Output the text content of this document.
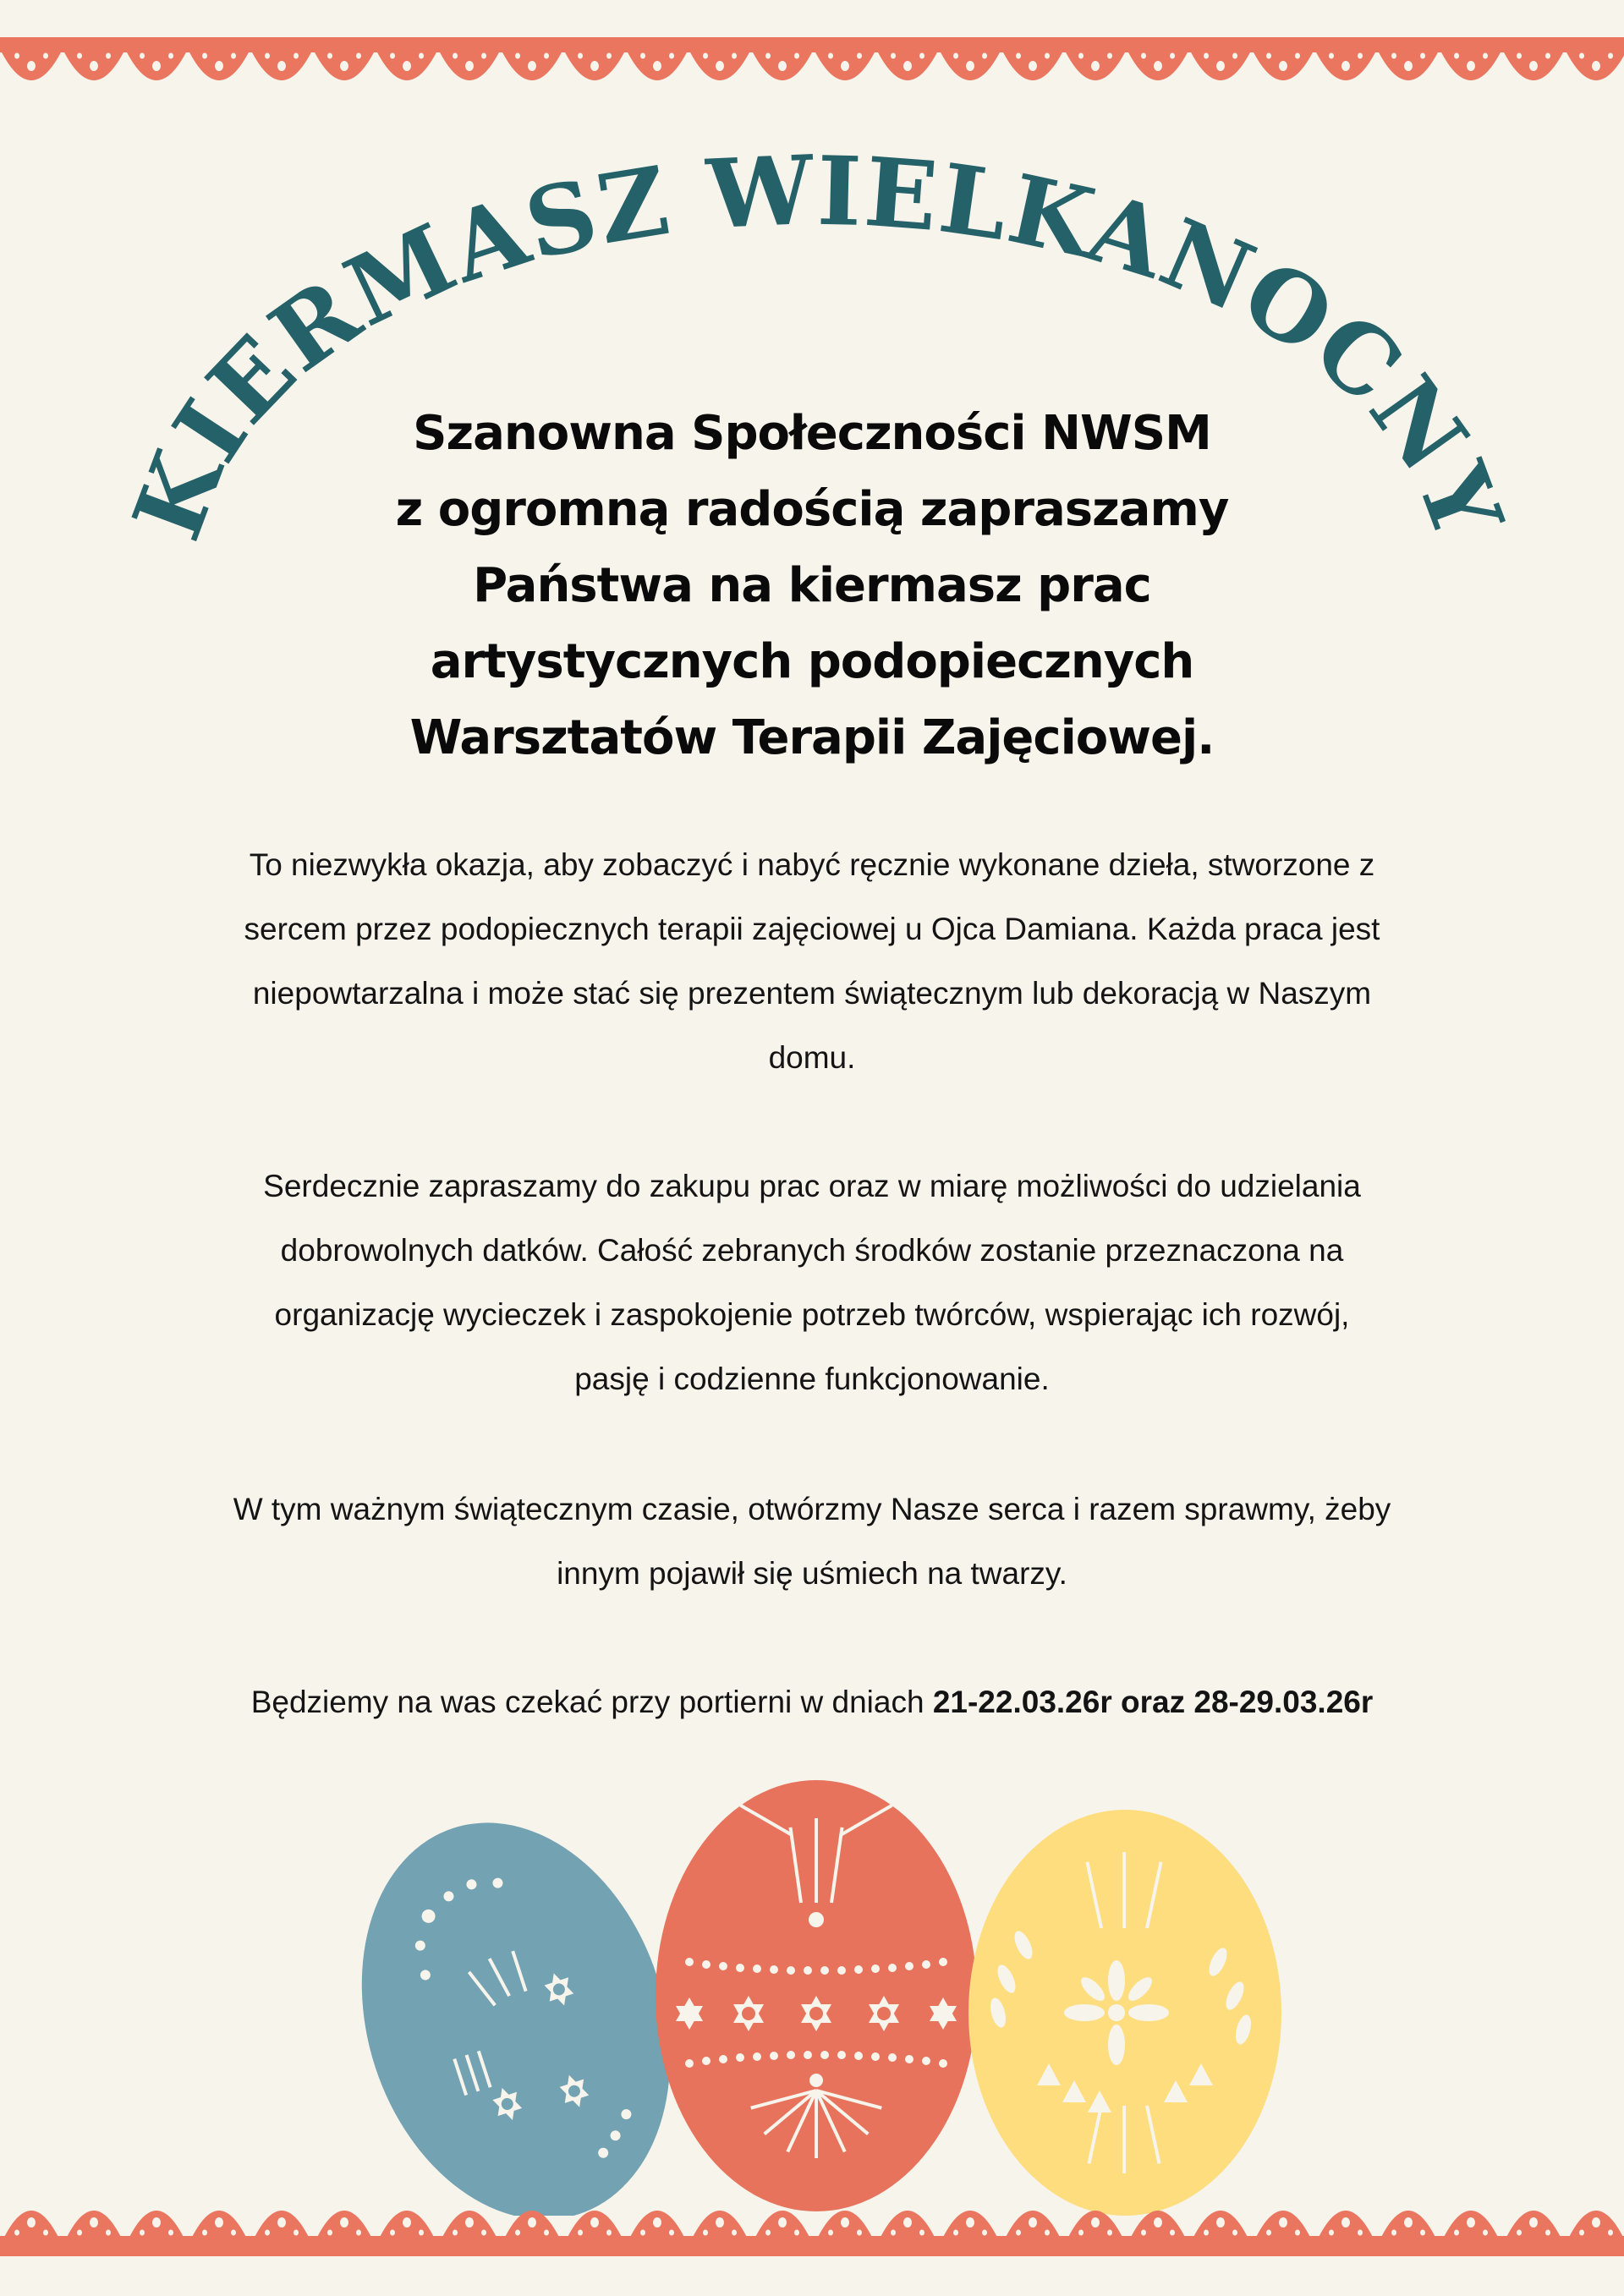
KIERMASZ WIELKANOCNY
Szanowna Społeczności NWSM
z ogromną radością zapraszamy
Państwa na kiermasz prac
artystycznych podopiecznych
Warsztatów Terapii Zajęciowej.
To niezwykła okazja, aby zobaczyć i nabyć ręcznie wykonane dzieła, stworzone z
sercem przez podopiecznych terapii zajęciowej u Ojca Damiana. Każda praca jest
niepowtarzalna i może stać się prezentem świątecznym lub dekoracją w Naszym
domu.
Serdecznie zapraszamy do zakupu prac oraz w miarę możliwości do udzielania
dobrowolnych datków. Całość zebranych środków zostanie przeznaczona na
organizację wycieczek i zaspokojenie potrzeb twórców, wspierając ich rozwój,
pasję i codzienne funkcjonowanie.
W tym ważnym świątecznym czasie, otwórzmy Nasze serca i razem sprawmy, żeby
innym pojawił się uśmiech na twarzy.
Będziemy na was czekać przy portierni w dniach 21-22.03.26r oraz 28-29.03.26r
